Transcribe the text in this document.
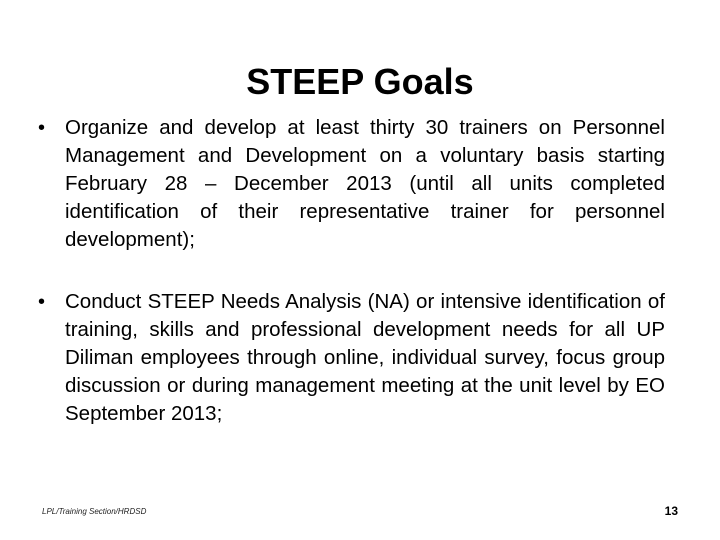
STEEP Goals
• Organize and develop at least thirty 30 trainers on Personnel Management and Development on a voluntary basis starting February 28 – December 2013 (until all units completed identification of their representative trainer for personnel development);
• Conduct STEEP Needs Analysis (NA) or intensive identification of training, skills and professional development needs for all UP Diliman employees through online, individual survey, focus group discussion or during management meeting at the unit level by EO September 2013;
LPL/Training Section/HRDSD	13
